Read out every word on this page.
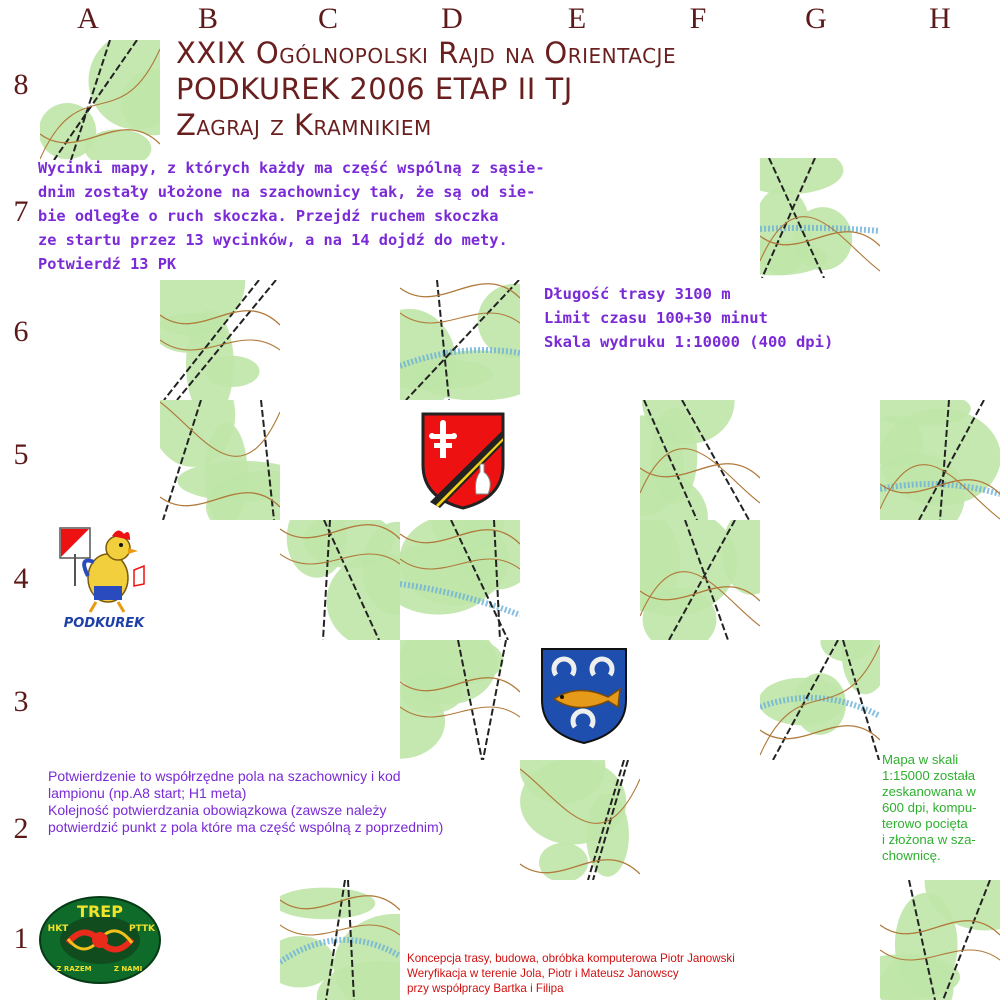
A	B	C	D	E	F	G	H
8
7
6
5
4
3
2
1
XXIX Ogólnopolski Rajd na Orientacje
PODKUREK 2006 ETAP II TJ
Zagraj z Kramnikiem
Wycinki mapy, z których każdy ma część wspólną z sąsie-
dnim zostały ułożone na szachownicy tak, że są od sie-
bie odległe o ruch skoczka. Przejdź ruchem skoczka
ze startu przez 13 wycinków, a na 14 dojdź do mety.
Potwierdź 13 PK
Długość trasy 3100 m
Limit czasu 100+30 minut
Skala wydruku 1:10000 (400 dpi)
PODKUREK
TREP
HKT	PTTK
Z RAZEM	Z NAMI
Potwierdzenie to współrzędne pola na szachownicy i kod
lampionu (np.A8 start; H1 meta)
Kolejność potwierdzania obowiązkowa (zawsze należy
potwierdzić punkt z pola które ma część wspólną z poprzednim)
Mapa w skali
1:15000 została
zeskanowana w
600 dpi, kompu-
terowo pocięta
i złożona w sza-
chownicę.
Koncepcja trasy, budowa, obróbka komputerowa Piotr Janowski
Weryfikacja w terenie Jola, Piotr i Mateusz Janowscy
przy współpracy Bartka i Filipa
